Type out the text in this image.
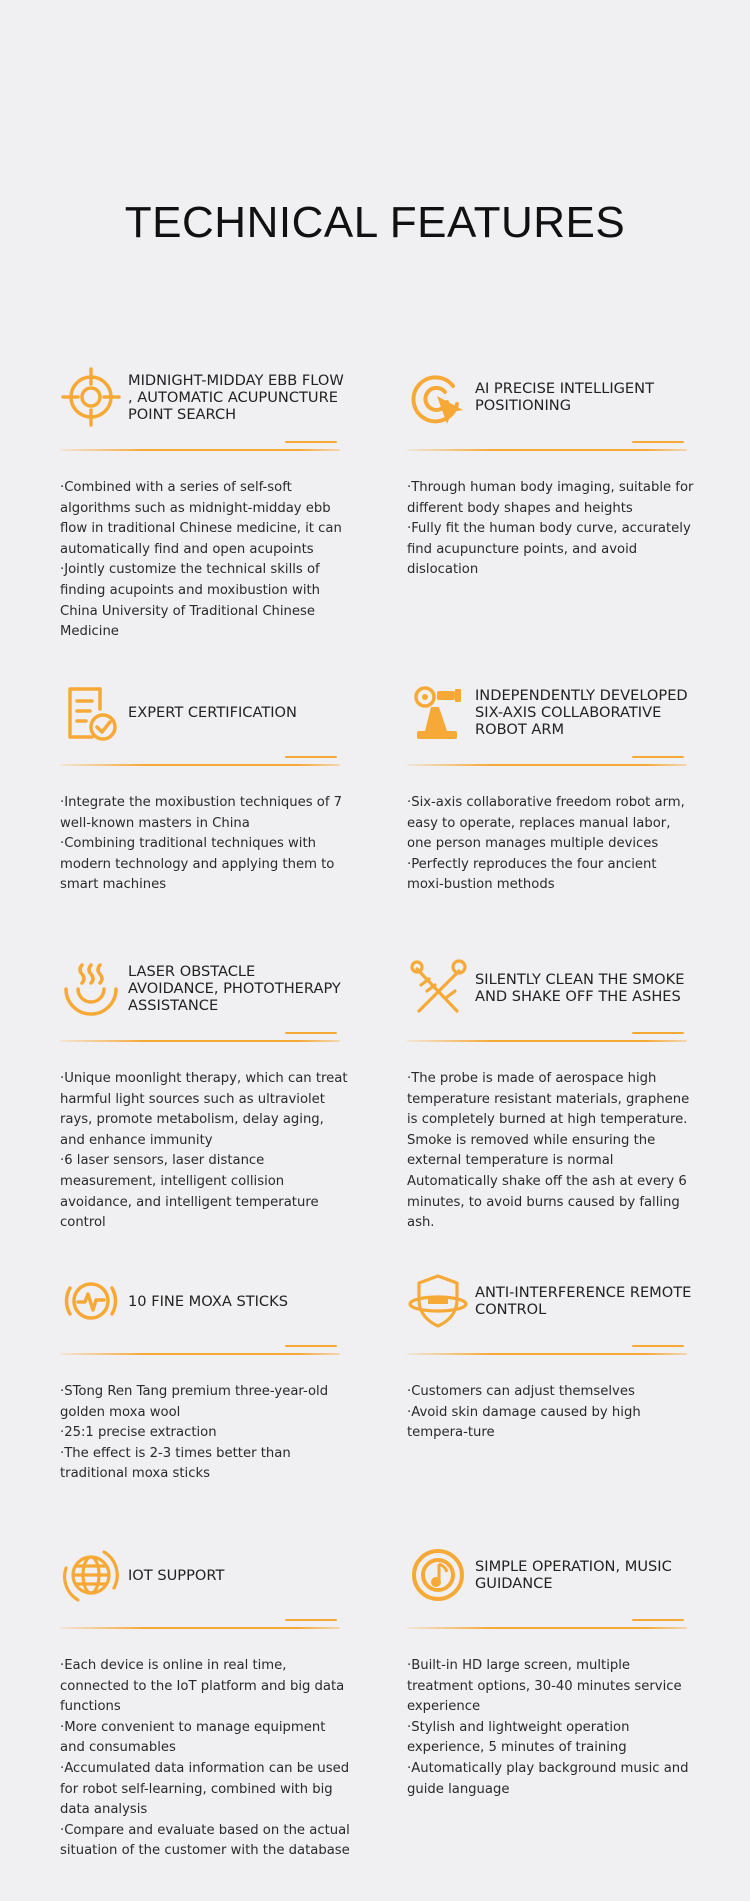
TECHNICAL FEATURES
MIDNIGHT-MIDDAY EBB FLOW , AUTOMATIC ACUPUNCTURE POINT SEARCH

·Combined with a series of self-soft algorithms such as midnight-midday ebb flow in traditional Chinese medicine, it can automatically find and open acupoints

·Jointly customize the technical skills of finding acupoints and moxibustion with China University of Traditional Chinese Medicine

AI PRECISE INTELLIGENT POSITIONING

·Through human body imaging, suitable for different body shapes and heights

·Fully fit the human body curve, accurately find acupuncture points, and avoid dislocation

EXPERT CERTIFICATION

·Integrate the moxibustion techniques of 7 well-known masters in China

·Combining traditional techniques with modern technology and applying them to smart machines

INDEPENDENTLY DEVELOPED SIX-AXIS COLLABORATIVE ROBOT ARM

·Six-axis collaborative freedom robot arm, easy to operate, replaces manual labor, one person manages multiple devices

·Perfectly reproduces the four ancient moxi-bustion methods

LASER OBSTACLE AVOIDANCE, PHOTOTHERAPY ASSISTANCE

·Unique moonlight therapy, which can treat harmful light sources such as ultraviolet rays, promote metabolism, delay aging, and enhance immunity

·6 laser sensors, laser distance measurement, intelligent collision avoidance, and intelligent temperature control

SILENTLY CLEAN THE SMOKE AND SHAKE OFF THE ASHES

·The probe is made of aerospace high temperature resistant materials, graphene is completely burned at high temperature. Smoke is removed while ensuring the external temperature is normal

Automatically shake off the ash at every 6 minutes, to avoid burns caused by falling ash.

10 FINE MOXA STICKS

·STong Ren Tang premium three-year-old golden moxa wool

·25:1 precise extraction

·The effect is 2-3 times better than traditional moxa sticks

ANTI-INTERFERENCE REMOTE CONTROL

·Customers can adjust themselves

·Avoid skin damage caused by high tempera-ture

IOT SUPPORT

·Each device is online in real time, connected to the IoT platform and big data functions

·More convenient to manage equipment and consumables

·Accumulated data information can be used for robot self-learning, combined with big data analysis

·Compare and evaluate based on the actual situation of the customer with the database

SIMPLE OPERATION, MUSIC GUIDANCE

·Built-in HD large screen, multiple treatment options, 30-40 minutes service experience

·Stylish and lightweight operation experience, 5 minutes of training

·Automatically play background music and guide language
